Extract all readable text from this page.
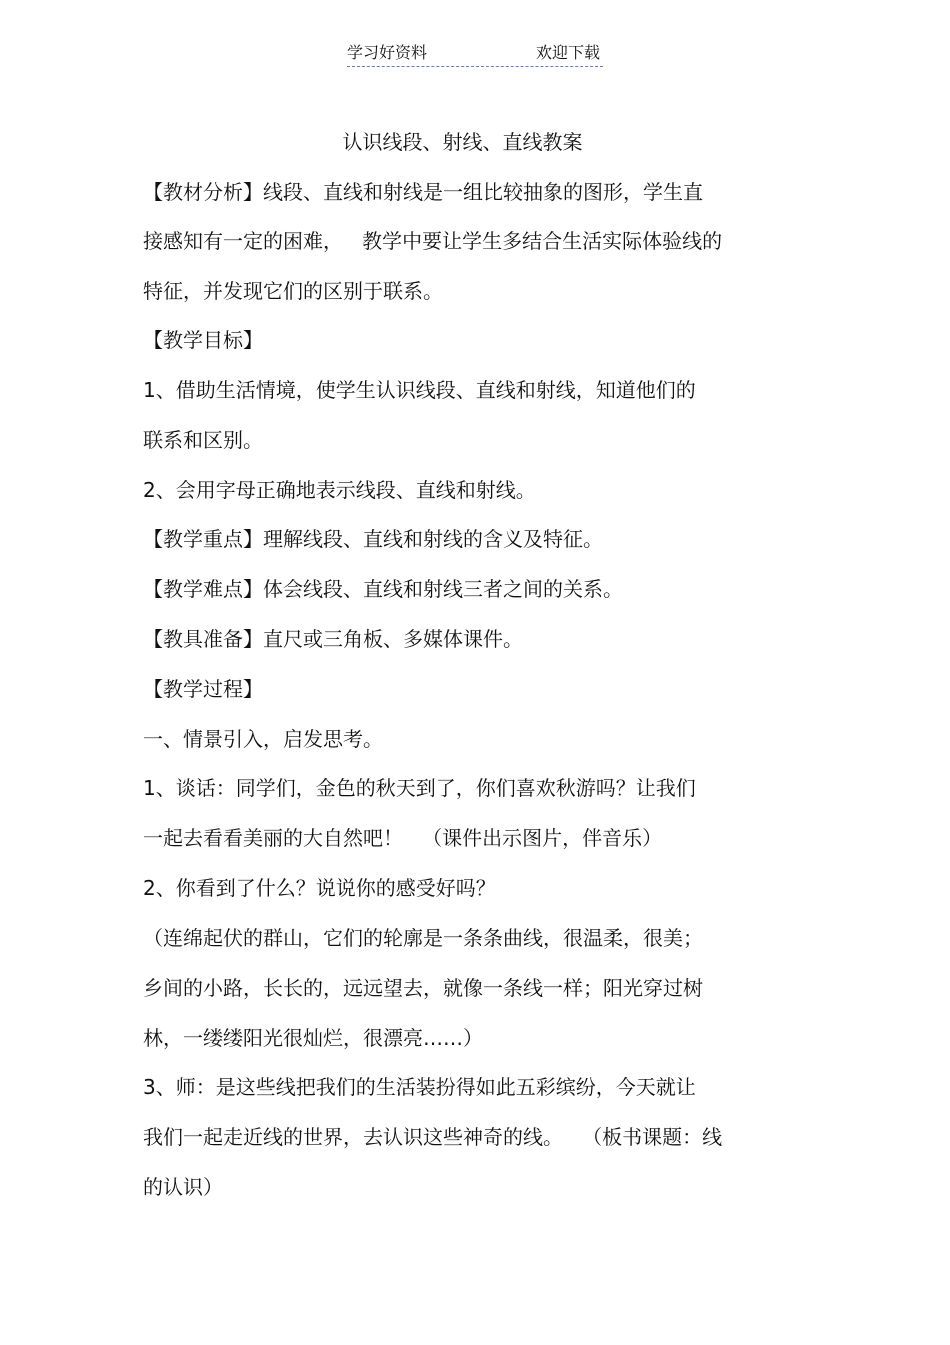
学习好资料	欢迎下载
认识线段、射线、直线教案
【教材分析】线段、直线和射线是一组比较抽象的图形，学生直
接感知有一定的困难，   教学中要让学生多结合生活实际体验线的
特征，并发现它们的区别于联系。
【教学目标】
1、借助生活情境，使学生认识线段、直线和射线，知道他们的
联系和区别。
2、会用字母正确地表示线段、直线和射线。
【教学重点】理解线段、直线和射线的含义及特征。
【教学难点】体会线段、直线和射线三者之间的关系。
【教具准备】直尺或三角板、多媒体课件。
【教学过程】
一、情景引入，启发思考。
1、谈话：同学们，金色的秋天到了，你们喜欢秋游吗？让我们
一起去看看美丽的大自然吧！   （课件出示图片，伴音乐）
2、你看到了什么？说说你的感受好吗？
（连绵起伏的群山，它们的轮廓是一条条曲线，很温柔，很美；
乡间的小路，长长的，远远望去，就像一条线一样；阳光穿过树
林，一缕缕阳光很灿烂，很漂亮……）
3、师：是这些线把我们的生活装扮得如此五彩缤纷，今天就让
我们一起走近线的世界，去认识这些神奇的线。   （板书课题：线
的认识）
